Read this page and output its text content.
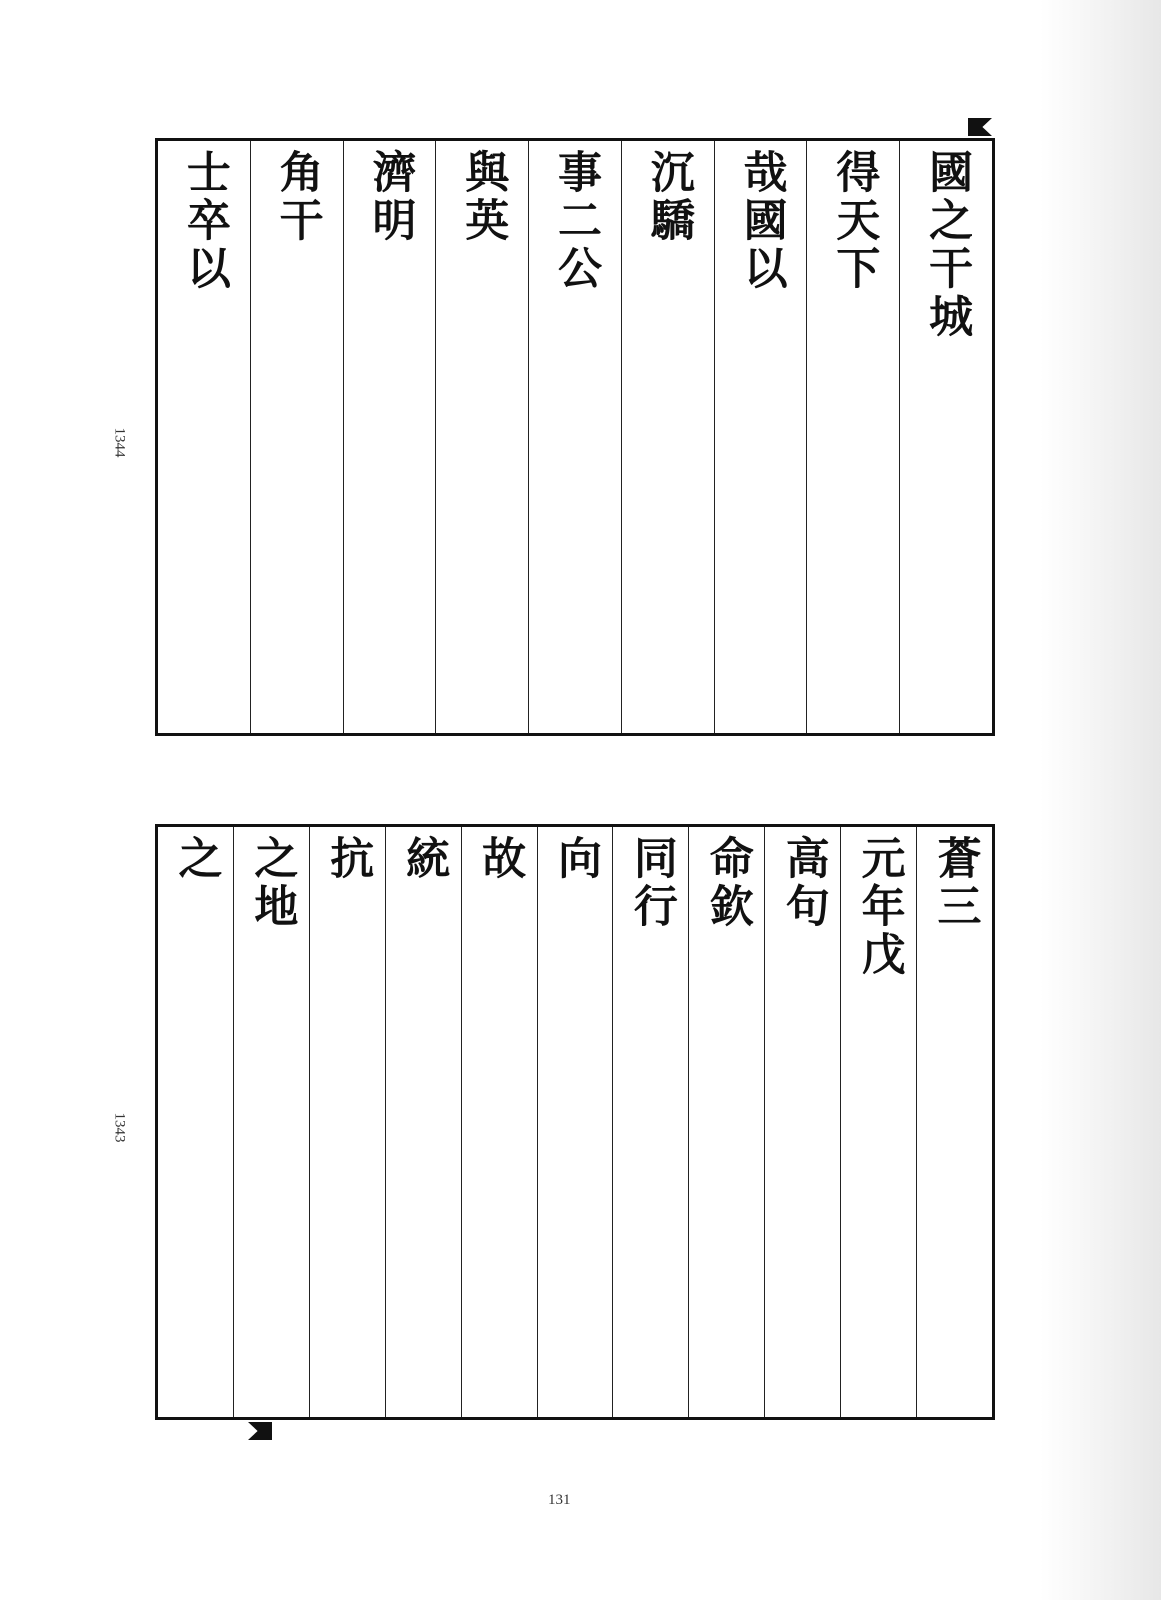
1344
士卒以 角干 濟明 與英 事二公 沉驕 哉國以 得天下 國之干城
1343
之 之地 抗 統 故 向 同行 命欽 高句 元年戊 蒼三
131
